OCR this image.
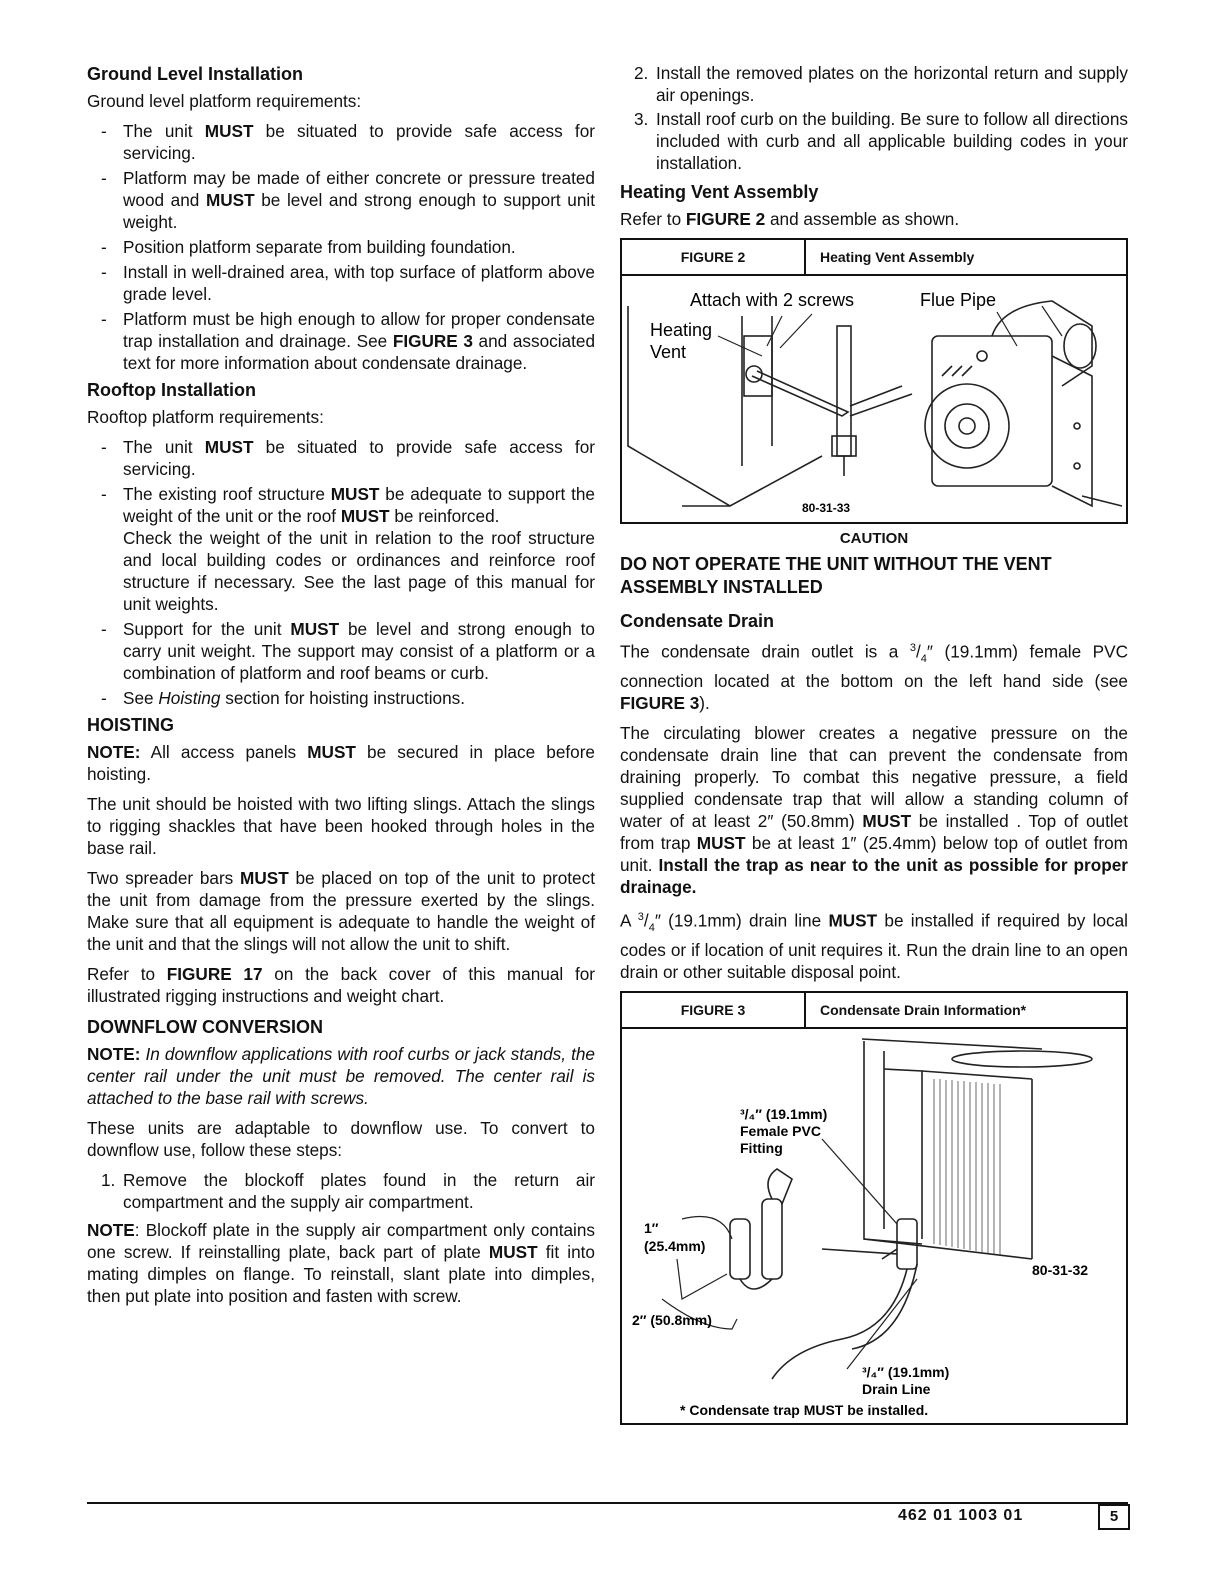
Ground Level Installation

Ground level platform requirements:

- The unit MUST be situated to provide safe access for servicing.
- Platform may be made of either concrete or pressure treated wood and MUST be level and strong enough to support unit weight.
- Position platform separate from building foundation.
- Install in well-drained area, with top surface of platform above grade level.
- Platform must be high enough to allow for proper condensate trap installation and drainage. See FIGURE 3 and associated text for more information about condensate drainage.
Rooftop Installation

Rooftop platform requirements:

- The unit MUST be situated to provide safe access for servicing.
- The existing roof structure MUST be adequate to support the weight of the unit or the roof MUST be reinforced.
Check the weight of the unit in relation to the roof structure and local building codes or ordinances and reinforce roof structure if necessary. See the last page of this manual for unit weights.
- Support for the unit MUST be level and strong enough to carry unit weight. The support may consist of a platform or a combination of platform and roof beams or curb.
- See Hoisting section for hoisting instructions.
HOISTING

NOTE: All access panels MUST be secured in place before hoisting.

The unit should be hoisted with two lifting slings. Attach the slings to rigging shackles that have been hooked through holes in the base rail.

Two spreader bars MUST be placed on top of the unit to protect the unit from damage from the pressure exerted by the slings. Make sure that all equipment is adequate to handle the weight of the unit and that the slings will not allow the unit to shift.

Refer to FIGURE 17 on the back cover of this manual for illustrated rigging instructions and weight chart.

DOWNFLOW CONVERSION

NOTE: In downflow applications with roof curbs or jack stands, the center rail under the unit must be removed. The center rail is attached to the base rail with screws.

These units are adaptable to downflow use. To convert to downflow use, follow these steps:

1. Remove the blockoff plates found in the return air compartment and the supply air compartment.

NOTE: Blockoff plate in the supply air compartment only contains one screw. If reinstalling plate, back part of plate MUST fit into mating dimples on flange. To reinstall, slant plate into dimples, then put plate into position and fasten with screw.

2. Install the removed plates on the horizontal return and supply air openings.
3. Install roof curb on the building. Be sure to follow all directions included with curb and all applicable building codes in your installation.
Heating Vent Assembly

Refer to FIGURE 2 and assemble as shown.

FIGURE 2	Heating Vent Assembly
Attach with 2 screws	Flue Pipe
Heating
Vent
80-31-33
CAUTION
DO NOT OPERATE THE UNIT WITHOUT THE VENT ASSEMBLY INSTALLED
Condensate Drain

The condensate drain outlet is a $^3/_4''$ (19.1mm) female PVC connection located at the bottom on the left hand side (see FIGURE 3).

The circulating blower creates a negative pressure on the condensate drain line that can prevent the condensate from draining properly. To combat this negative pressure, a field supplied condensate trap that will allow a standing column of water of at least 2″ (50.8mm) MUST be installed . Top of outlet from trap MUST be at least 1″ (25.4mm) below top of outlet from unit. Install the trap as near to the unit as possible for proper drainage.

A $^3/_4''$ (19.1mm) drain line MUST be installed if required by local codes or if location of unit requires it. Run the drain line to an open drain or other suitable disposal point.

FIGURE 3	Condensate Drain Information*
³/₄″ (19.1mm)
Female PVC
Fitting
1″
(25.4mm)
2″ (50.8mm)
80-31-32
³/₄″ (19.1mm)
Drain Line
* Condensate trap MUST be installed.
462 01 1003 01	5
